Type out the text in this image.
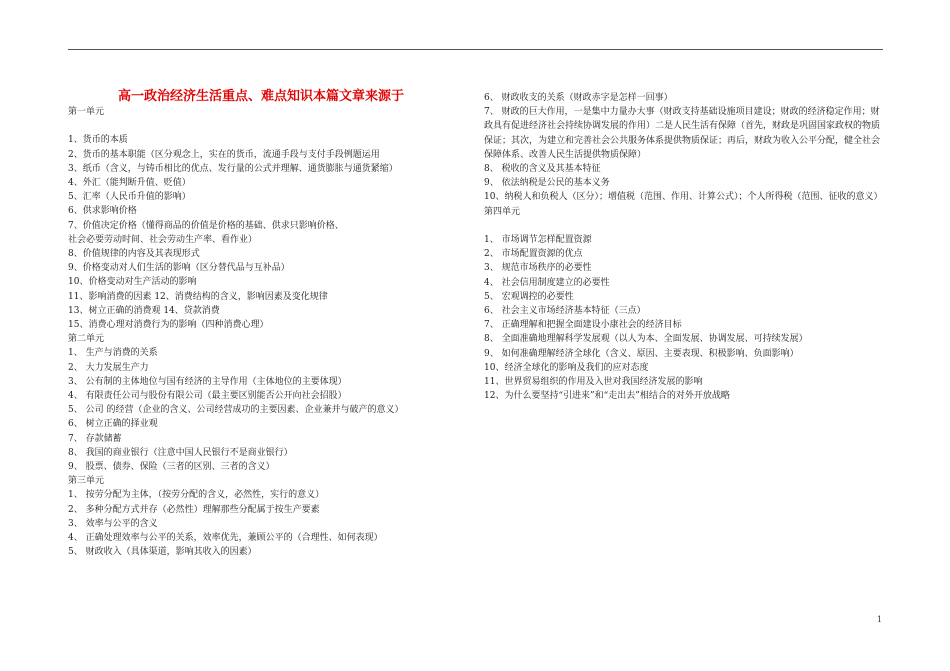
高一政治经济生活重点、难点知识本篇文章来源于
第一单元
1、货币的本质
2、货币的基本职能（区分观念上，实在的货币，流通手段与支付手段例题运用
3、纸币（含义，与铸币相比的优点、发行量的公式并理解、通货膨胀与通货紧缩）
4、外汇（能判断升值、贬值）
5、汇率（人民币升值的影响）
6、供求影响价格
7、价值决定价格（懂得商品的价值是价格的基础、供求只影响价格、
社会必要劳动时间、社会劳动生产率、看作业）
8、价值规律的内容及其表现形式
9、价格变动对人们生活的影响（区分替代品与互补品）
10、价格变动对生产活动的影响
11、影响消费的因素 12、消费结构的含义，影响因素及变化规律
13、树立正确的消费观 14、贷款消费
15、消费心理对消费行为的影响（四种消费心理）
第二单元
1、 生产与消费的关系
2、 大力发展生产力
3、 公有制的主体地位与国有经济的主导作用（主体地位的主要体现）
4、 有限责任公司与股份有限公司（最主要区别能否公开向社会招股）
5、 公司 的经营（企业的含义、公司经营成功的主要因素、企业兼并与破产的意义）
6、 树立正确的择业观
7、 存款储蓄
8、 我国的商业银行（注意中国人民银行不是商业银行）
9、 股票、债券、保险（三者的区别、三者的含义）
第三单元
1、 按劳分配为主体，（按劳分配的含义，必然性，实行的意义）
2、 多种分配方式并存（必然性）理解那些分配属于按生产要素
3、 效率与公平的含义
4、 正确处理效率与公平的关系，效率优先，兼顾公平的（合理性、如何表现）
5、 财政收入（具体渠道，影响其收入的因素）
6、 财政收支的关系（财政赤字是怎样一回事）
7、 财政的巨大作用，一是集中力量办大事（财政支持基础设施项目建设；财政的经济稳定作用；财政具有促进经济社会持续协调发展的作用）二是人民生活有保障（首先，财政是巩固国家政权的物质保证；其次，为建立和完善社会公共服务体系提供物质保证；再后，财政为收入公平分配，健全社会保障体系、改善人民生活提供物质保障）
8、 税收的含义及其基本特征
9、 依法纳税是公民的基本义务
10、纳税人和负税人（区分）；增值税（范围、作用、计算公式）；个人所得税（范围、征收的意义）
第四单元
1、 市场调节怎样配置资源
2、 市场配置资源的优点
3、 规范市场秩序的必要性
4、 社会信用制度建立的必要性
5、 宏观调控的必要性
6、 社会主义市场经济基本特征（三点）
7、 正确理解和把握全面建设小康社会的经济目标
8、 全面准确地理解科学发展观（以人为本、全面发展、协调发展、可持续发展）
9、 如何准确理解经济全球化（含义、原因、主要表现、积极影响、负面影响）
10、经济全球化的影响及我们的应对态度
11、世界贸易组织的作用及入世对我国经济发展的影响
12、为什么要坚持“引进来”和“走出去”相结合的对外开放战略
1
